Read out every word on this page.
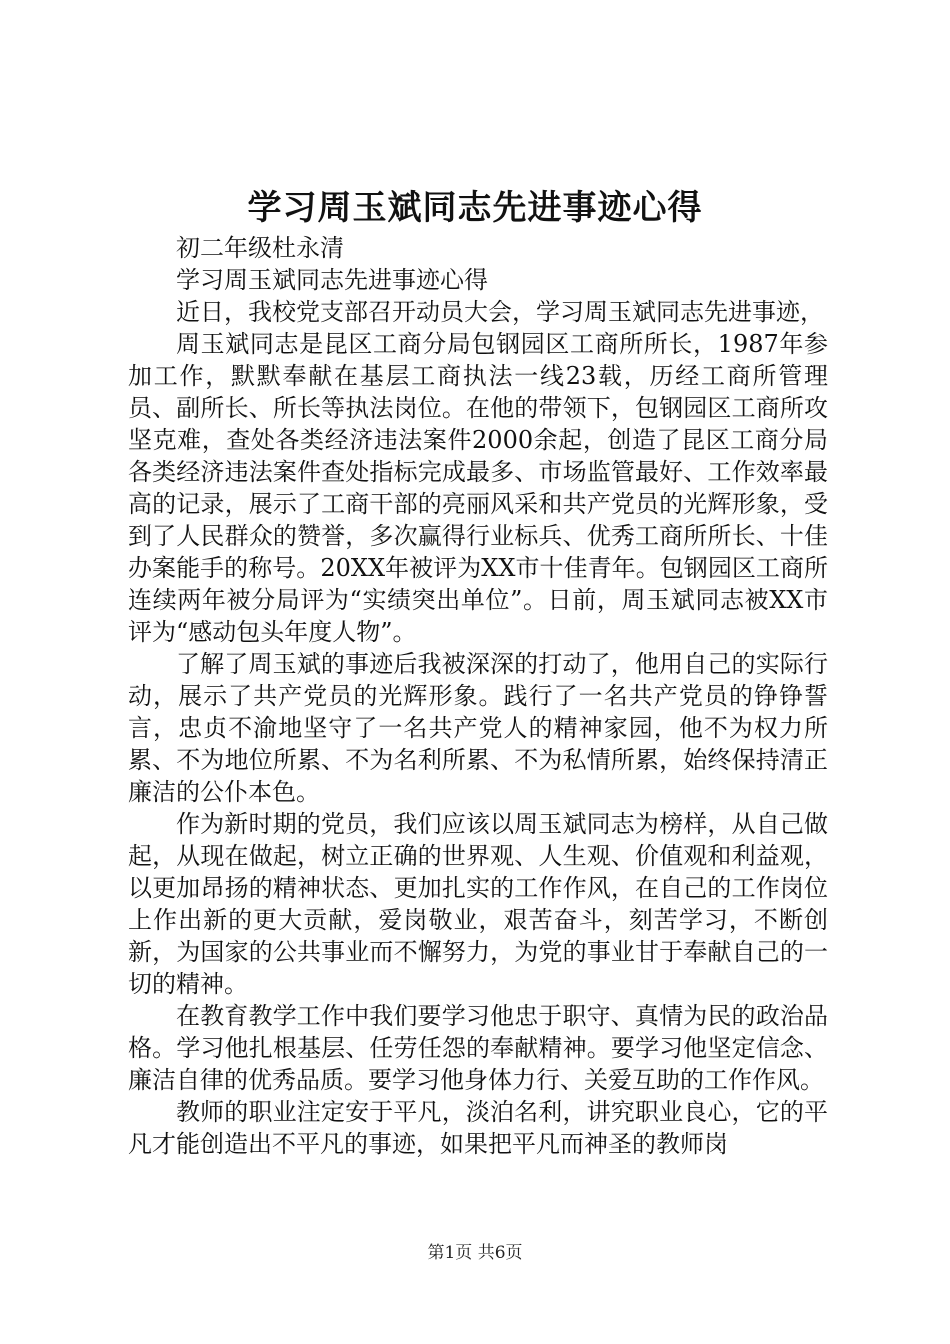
学习周玉斌同志先进事迹心得

初二年级杜永清

学习周玉斌同志先进事迹心得

近日，我校党支部召开动员大会，学习周玉斌同志先进事迹，

周玉斌同志是昆区工商分局包钢园区工商所所长，1987年参加工作，默默奉献在基层工商执法一线23载，历经工商所管理员、副所长、所长等执法岗位。在他的带领下，包钢园区工商所攻坚克难，查处各类经济违法案件2000余起，创造了昆区工商分局各类经济违法案件查处指标完成最多、市场监管最好、工作效率最高的记录，展示了工商干部的亮丽风采和共产党员的光辉形象，受到了人民群众的赞誉，多次赢得行业标兵、优秀工商所所长、十佳办案能手的称号。20XX年被评为XX市十佳青年。包钢园区工商所连续两年被分局评为“实绩突出单位”。日前，周玉斌同志被XX市评为“感动包头年度人物”。

了解了周玉斌的事迹后我被深深的打动了，他用自己的实际行动，展示了共产党员的光辉形象。践行了一名共产党员的铮铮誓言，忠贞不渝地坚守了一名共产党人的精神家园，他不为权力所累、不为地位所累、不为名利所累、不为私情所累，始终保持清正廉洁的公仆本色。

作为新时期的党员，我们应该以周玉斌同志为榜样，从自己做起，从现在做起，树立正确的世界观、人生观、价值观和利益观，以更加昂扬的精神状态、更加扎实的工作作风，在自己的工作岗位上作出新的更大贡献，爱岗敬业，艰苦奋斗，刻苦学习，不断创新，为国家的公共事业而不懈努力，为党的事业甘于奉献自己的一切的精神。

在教育教学工作中我们要学习他忠于职守、真情为民的政治品格。学习他扎根基层、任劳任怨的奉献精神。要学习他坚定信念、廉洁自律的优秀品质。要学习他身体力行、关爱互助的工作作风。

教师的职业注定安于平凡，淡泊名利，讲究职业良心，它的平凡才能创造出不平凡的事迹，如果把平凡而神圣的教师岗

第1页 共6页
